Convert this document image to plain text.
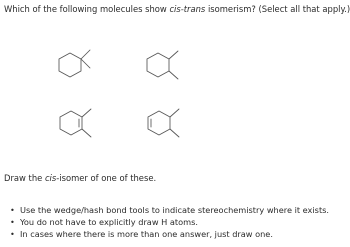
Which of the following molecules show cis-trans isomerism? (Select all that apply.)

Draw the cis-isomer of one of these.

• Use the wedge/hash bond tools to indicate stereochemistry where it exists.
• You do not have to explicitly draw H atoms.
• In cases where there is more than one answer, just draw one.
